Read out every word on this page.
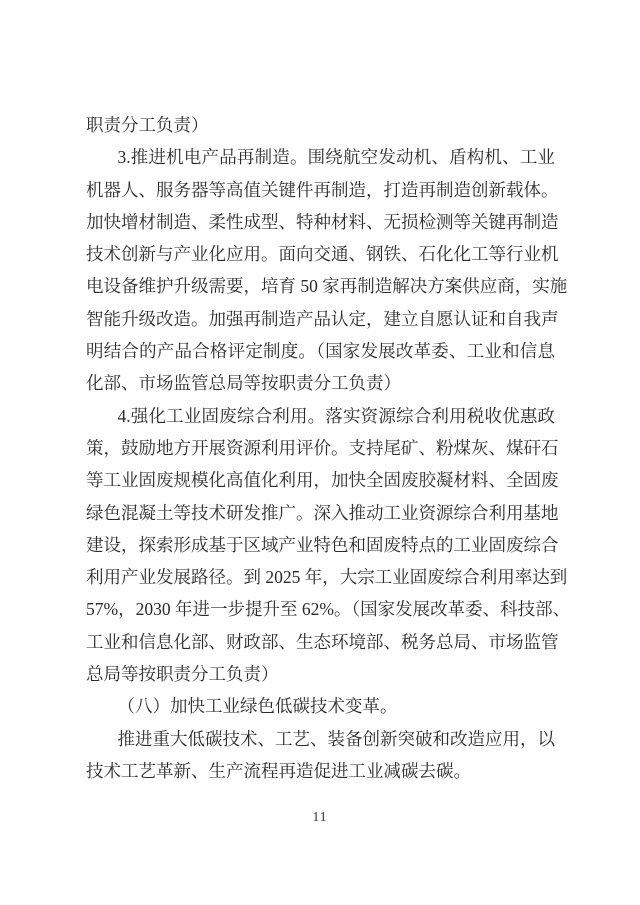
职责分工负责）
3.推进机电产品再制造。围绕航空发动机、盾构机、工业
机器人、服务器等高值关键件再制造，打造再制造创新载体。
加快增材制造、柔性成型、特种材料、无损检测等关键再制造
技术创新与产业化应用。面向交通、钢铁、石化化工等行业机
电设备维护升级需要，培育 50 家再制造解决方案供应商，实施
智能升级改造。加强再制造产品认定，建立自愿认证和自我声
明结合的产品合格评定制度。（国家发展改革委、工业和信息
化部、市场监管总局等按职责分工负责）
4.强化工业固废综合利用。落实资源综合利用税收优惠政
策，鼓励地方开展资源利用评价。支持尾矿、粉煤灰、煤矸石
等工业固废规模化高值化利用，加快全固废胶凝材料、全固废
绿色混凝土等技术研发推广。深入推动工业资源综合利用基地
建设，探索形成基于区域产业特色和固废特点的工业固废综合
利用产业发展路径。到 2025 年，大宗工业固废综合利用率达到
57%，2030 年进一步提升至 62%。（国家发展改革委、科技部、
工业和信息化部、财政部、生态环境部、税务总局、市场监管
总局等按职责分工负责）
（八）加快工业绿色低碳技术变革。
推进重大低碳技术、工艺、装备创新突破和改造应用，以
技术工艺革新、生产流程再造促进工业减碳去碳。
11
